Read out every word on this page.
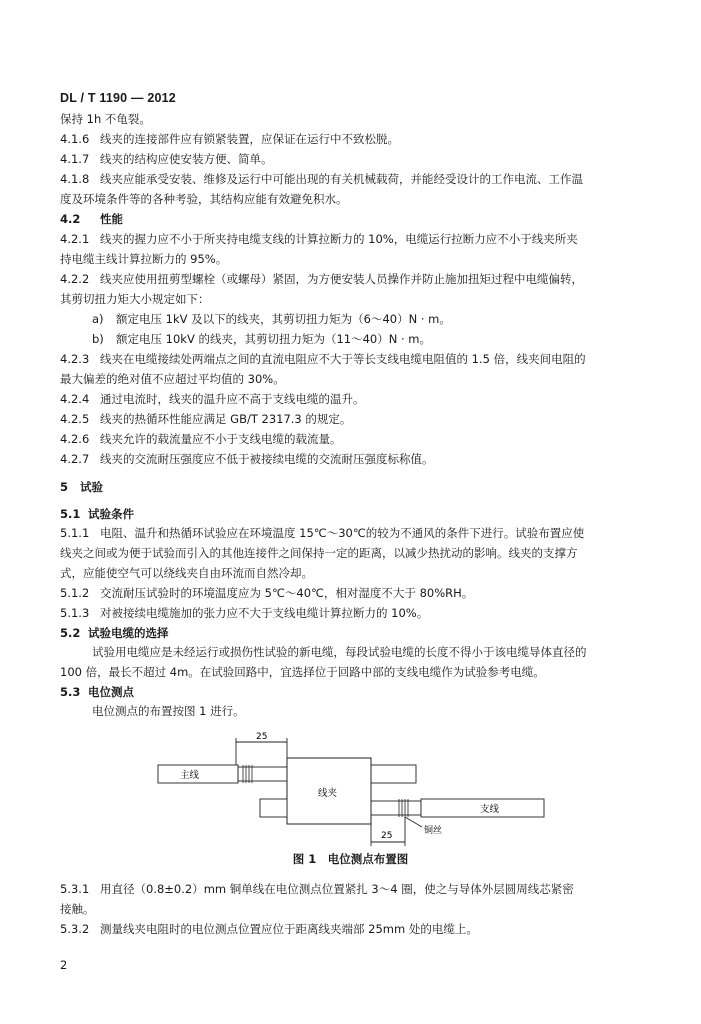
DL / T 1190 — 2012
保持 1h 不龟裂。
4.1.6 线夹的连接部件应有锁紧装置，应保证在运行中不致松脱。
4.1.7 线夹的结构应使安装方便、简单。
4.1.8 线夹应能承受安装、维修及运行中可能出现的有关机械载荷，并能经受设计的工作电流、工作温
度及环境条件等的各种考验，其结构应能有效避免积水。
4.2 性能
4.2.1 线夹的握力应不小于所夹持电缆支线的计算拉断力的 10%，电缆运行拉断力应不小于线夹所夹
持电缆主线计算拉断力的 95%。
4.2.2 线夹应使用扭剪型螺栓（或螺母）紧固，为方便安装人员操作并防止施加扭矩过程中电缆偏转，
其剪切扭力矩大小规定如下：
a) 额定电压 1kV 及以下的线夹，其剪切扭力矩为（6～40）N · m。
b) 额定电压 10kV 的线夹，其剪切扭力矩为（11～40）N · m。
4.2.3 线夹在电缆接续处两端点之间的直流电阻应不大于等长支线电缆电阻值的 1.5 倍，线夹间电阻的
最大偏差的绝对值不应超过平均值的 30%。
4.2.4 通过电流时，线夹的温升应不高于支线电缆的温升。
4.2.5 线夹的热循环性能应满足 GB/T 2317.3 的规定。
4.2.6 线夹允许的载流量应不小于支线电缆的载流量。
4.2.7 线夹的交流耐压强度应不低于被接续电缆的交流耐压强度标称值。
5 试验
5.1 试验条件
5.1.1 电阻、温升和热循环试验应在环境温度 15℃～30℃的较为不通风的条件下进行。试验布置应使
线夹之间或为便于试验而引入的其他连接件之间保持一定的距离，以减少热扰动的影响。线夹的支撑方
式，应能使空气可以绕线夹自由环流而自然冷却。
5.1.2 交流耐压试验时的环境温度应为 5℃～40℃，相对湿度不大于 80%RH。
5.1.3 对被接续电缆施加的张力应不大于支线电缆计算拉断力的 10%。
5.2 试验电缆的选择
试验用电缆应是未经运行或损伤性试验的新电缆，每段试验电缆的长度不得小于该电缆导体直径的
100 倍，最长不超过 4m。在试验回路中，宜选择位于回路中部的支线电缆作为试验参考电缆。
5.3 电位测点
电位测点的布置按图 1 进行。
25
主线
线夹
支线
铜丝
25
图 1　电位测点布置图
5.3.1 用直径（0.8±0.2）mm 铜单线在电位测点位置紧扎 3～4 圈，使之与导体外层圆周线芯紧密
接触。
5.3.2 测量线夹电阻时的电位测点位置应位于距离线夹端部 25mm 处的电缆上。
2
